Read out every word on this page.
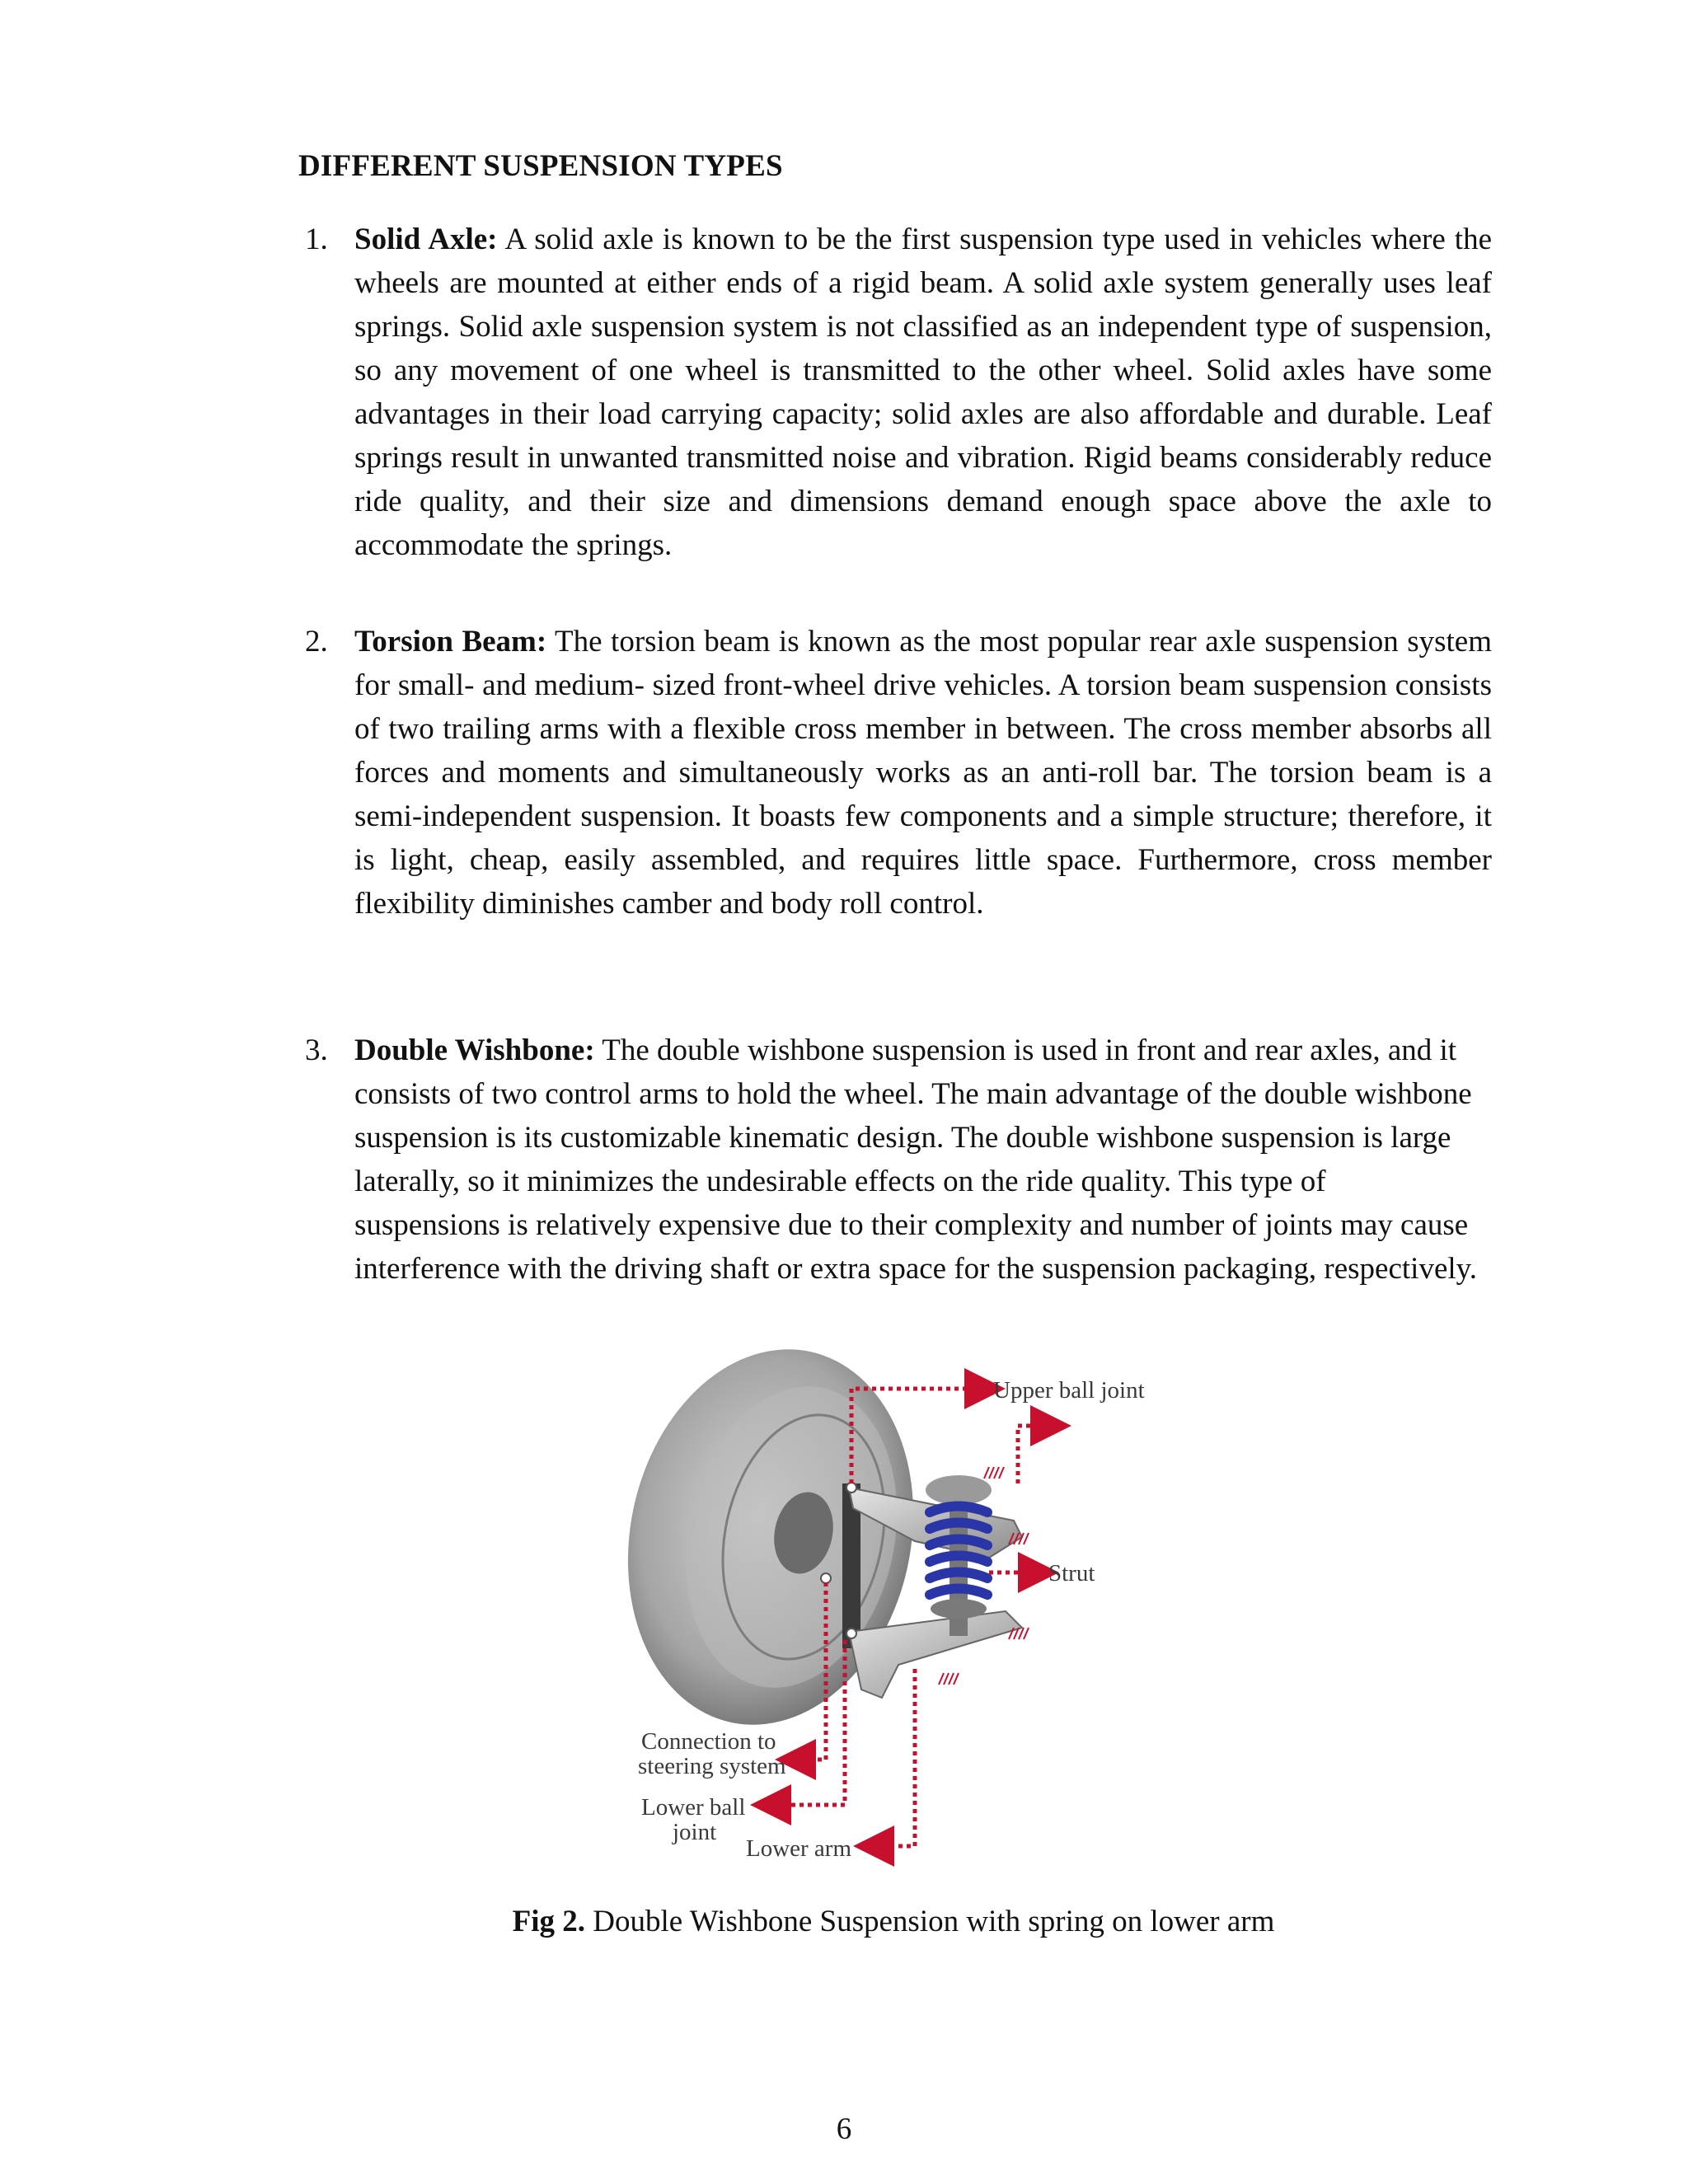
DIFFERENT SUSPENSION TYPES
1. Solid Axle: A solid axle is known to be the first suspension type used in vehicles where the wheels are mounted at either ends of a rigid beam. A solid axle system generally uses leaf springs. Solid axle suspension system is not classified as an independent type of suspension, so any movement of one wheel is transmitted to the other wheel. Solid axles have some advantages in their load carrying capacity; solid axles are also affordable and durable. Leaf springs result in unwanted transmitted noise and vibration. Rigid beams considerably reduce ride quality, and their size and dimensions demand enough space above the axle to accommodate the springs.

2. Torsion Beam: The torsion beam is known as the most popular rear axle suspension system for small- and medium- sized front-wheel drive vehicles. A torsion beam suspension consists of two trailing arms with a flexible cross member in between. The cross member absorbs all forces and moments and simultaneously works as an anti-roll bar. The torsion beam is a semi-independent suspension. It boasts few components and a simple structure; therefore, it is light, cheap, easily assembled, and requires little space. Furthermore, cross member flexibility diminishes camber and body roll control.

Double Wishbone: The double wishbone suspension is used in front and rear axles, and it consists of two control arms to hold the wheel. The main advantage of the double wishbone suspension is its customizable kinematic design. The double wishbone suspension is large laterally, so it minimizes the undesirable effects on the ride quality. This type of suspensions is relatively expensive due to their complexity and number of joints may cause interference with the driving shaft or extra space for the suspension packaging, respectively.

3.
Upper ball joint
Strut
Connection to
steering system
Lower ball
joint
Lower arm
Fig 2. Double Wishbone Suspension with spring on lower arm
6
